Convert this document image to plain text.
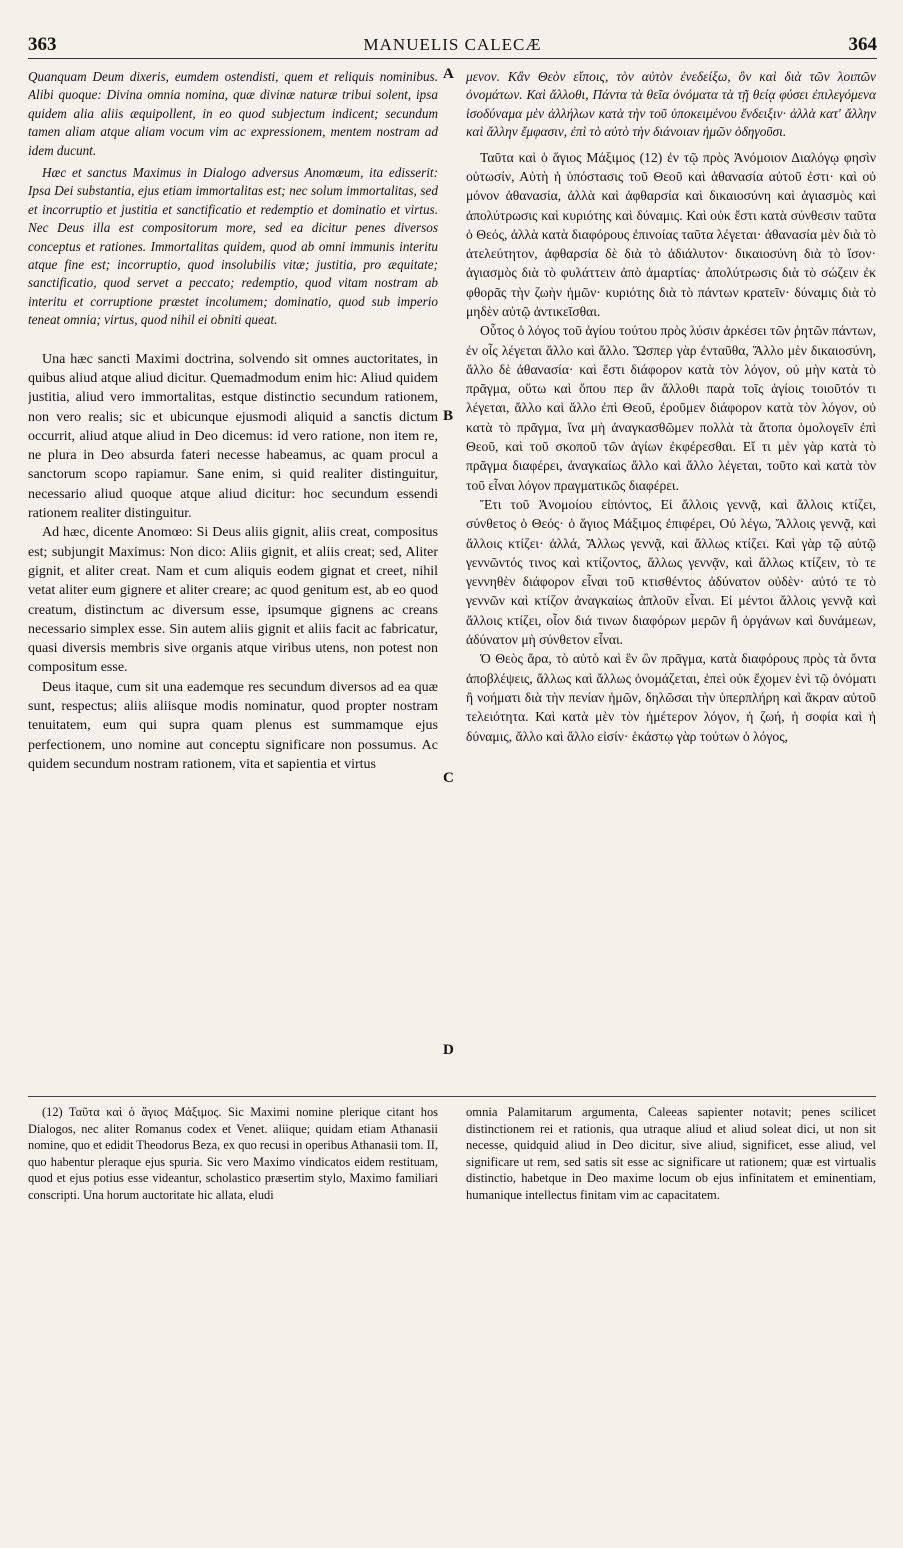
363	MANUELIS CALECÆ	364

Quanquam Deum dixeris, eumdem ostendisti, quem et reliquis nominibus. Alibi quoque: Divina omnia nomina, quæ divinæ naturæ tribui solent, ipsa quidem alia aliis æquipollent, in eo quod subjectum indicent; secundum tamen aliam atque aliam vocum vim ac expressionem, mentem nostram ad idem ducunt.

Hæc et sanctus Maximus in Dialogo adversus Anomœum, ita edisserit: Ipsa Dei substantia, ejus etiam immortalitas est; nec solum immortalitas, sed et incorruptio et justitia et sanctificatio et redemptio et dominatio et virtus. Nec Deus illa est compositorum more, sed ea dicitur penes diversos conceptus et rationes. Immortalitas quidem, quod ab omni immunis interitu atque fine est; incorruptio, quod insolubilis vitæ; justitia, pro æquitate; sanctificatio, quod servet a peccato; redemptio, quod vitam nostram ab interitu et corruptione præstet incolumem; dominatio, quod sub imperio teneat omnia; virtus, quod nihil ei obniti queat.

Una hæc sancti Maximi doctrina, solvendo sit omnes auctoritates, in quibus aliud atque aliud dicitur. Quemadmodum enim hic: Aliud quidem justitia, aliud vero immortalitas, estque distinctio secundum rationem, non vero realis; sic et ubicunque ejusmodi aliquid a sanctis dictum occurrit, aliud atque aliud in Deo dicemus: id vero ratione, non item re, ne plura in Deo absurda fateri necesse habeamus, ac quam procul a sanctorum scopo rapiamur. Sane enim, si quid realiter distinguitur, necessario aliud quoque atque aliud dicitur: hoc secundum essendi rationem realiter distinguitur.

Ad hæc, dicente Anomœo: Si Deus aliis gignit, aliis creat, compositus est; subjungit Maximus: Non dico: Aliis gignit, et aliis creat; sed, Aliter gignit, et aliter creat. Nam et cum aliquis eodem gignat et creet, nihil vetat aliter eum gignere et aliter creare; ac quod genitum est, ab eo quod creatum, distinctum ac diversum esse, ipsumque gignens ac creans necessario simplex esse. Sin autem aliis gignit et aliis facit ac fabricatur, quasi diversis membris sive organis atque viribus utens, non potest non compositum esse.

Deus itaque, cum sit una eademque res secundum diversos ad ea quæ sunt, respectus; aliis aliisque modis nominatur, quod propter nostram tenuitatem, eum qui supra quam plenus est summamque ejus perfectionem, uno nomine aut conceptu significare non possumus. Ac quidem secundum nostram rationem, vita et sapientia et virtus

μενον. Κἂν Θεὸν εἴποις, τὸν αὐτὸν ἐνεδείξω, ὃν καὶ διὰ τῶν λοιπῶν ὀνομάτων. Καὶ ἄλλοθι, Πάντα τὰ θεῖα ὀνόματα τὰ τῇ θείᾳ φύσει ἐπιλεγόμενα ἰσοδύναμα μὲν ἀλλήλων κατὰ τὴν τοῦ ὑποκειμένου ἔνδειξιν· ἀλλὰ κατ' ἄλλην καὶ ἄλλην ἔμφασιν, ἐπὶ τὸ αὐτὸ τὴν διάνοιαν ἡμῶν ὁδηγοῦσι.

Ταῦτα καὶ ὁ ἅγιος Μάξιμος (12) ἐν τῷ πρὸς Ἀνόμοιον Διαλόγῳ φησὶν οὑτωσίν, Αὐτὴ ἡ ὑπόστασις τοῦ Θεοῦ καὶ ἀθανασία αὐτοῦ ἐστι· καὶ οὐ μόνον ἀθανασία, ἀλλὰ καὶ ἀφθαρσία καὶ δικαιοσύνη καὶ ἁγιασμὸς καὶ ἀπολύτρωσις καὶ κυριότης καὶ δύναμις. Καὶ οὐκ ἔστι κατὰ σύνθεσιν ταῦτα ὁ Θεός, ἀλλὰ κατὰ διαφόρους ἐπινοίας ταῦτα λέγεται· ἀθανασία μὲν διὰ τὸ ἀτελεύτητον, ἀφθαρσία δὲ διὰ τὸ ἀδιάλυτον· δικαιοσύνη διὰ τὸ ἴσον· ἁγιασμὸς διὰ τὸ φυλάττειν ἀπὸ ἁμαρτίας· ἀπολύτρωσις διὰ τὸ σώζειν ἐκ φθορᾶς τὴν ζωὴν ἡμῶν· κυριότης διὰ τὸ πάντων κρατεῖν· δύναμις διὰ τὸ μηδὲν αὐτῷ ἀντικεῖσθαι.

Οὗτος ὁ λόγος τοῦ ἁγίου τούτου πρὸς λύσιν ἀρκέσει τῶν ῥητῶν πάντων, ἐν οἷς λέγεται ἄλλο καὶ ἄλλο. Ὥσπερ γὰρ ἐνταῦθα, Ἄλλο μὲν δικαιοσύνη, ἄλλο δὲ ἀθανασία· καὶ ἔστι διάφορον κατὰ τὸν λόγον, οὐ μὴν κατὰ τὸ πρᾶγμα, οὕτω καὶ ὅπου περ ἂν ἄλλοθι παρὰ τοῖς ἁγίοις τοιοῦτόν τι λέγεται, ἄλλο καὶ ἄλλο ἐπὶ Θεοῦ, ἐροῦμεν διάφορον κατὰ τὸν λόγον, οὐ κατὰ τὸ πρᾶγμα, ἵνα μὴ ἀναγκασθῶμεν πολλὰ τὰ ἄτοπα ὁμολογεῖν ἐπὶ Θεοῦ, καὶ τοῦ σκοποῦ τῶν ἁγίων ἐκφέρεσθαι. Εἴ τι μὲν γὰρ κατὰ τὸ πρᾶγμα διαφέρει, ἀναγκαίως ἄλλο καὶ ἄλλο λέγεται, τοῦτο καὶ κατὰ τὸν τοῦ εἶναι λόγον πραγματικῶς διαφέρει.

Ἔτι τοῦ Ἀνομοίου εἰπόντος, Εἰ ἄλλοις γεννᾷ, καὶ ἄλλοις κτίζει, σύνθετος ὁ Θεός· ὁ ἅγιος Μάξιμος ἐπιφέρει, Οὐ λέγω, Ἄλλοις γεννᾷ, καὶ ἄλλοις κτίζει· ἀλλά, Ἄλλως γεννᾷ, καὶ ἄλλως κτίζει. Καὶ γὰρ τῷ αὐτῷ γεννῶντός τινος καὶ κτίζοντος, ἄλλως γεννᾷν, καὶ ἄλλως κτίζειν, τὸ τε γεννηθὲν διάφορον εἶναι τοῦ κτισθέντος ἀδύνατον οὐδὲν· αὐτό τε τὸ γεννῶν καὶ κτίζον ἀναγκαίως ἁπλοῦν εἶναι. Εἰ μέντοι ἄλλοις γεννᾷ καὶ ἄλλοις κτίζει, οἷον διά τινων διαφόρων μερῶν ἢ ὀργάνων καὶ δυνάμεων, ἀδύνατον μὴ σύνθετον εἶναι.

Ὁ Θεὸς ἄρα, τὸ αὐτὸ καὶ ἓν ὢν πρᾶγμα, κατὰ διαφόρους πρὸς τὰ ὄντα ἀποβλέψεις, ἄλλως καὶ ἄλλως ὀνομάζεται, ἐπεὶ οὐκ ἔχομεν ἑνὶ τῷ ὀνόματι ἢ νοήματι διὰ τὴν πενίαν ἡμῶν, δηλῶσαι τὴν ὑπερπλήρη καὶ ἄκραν αὐτοῦ τελειότητα. Καὶ κατὰ μὲν τὸν ἡμέτερον λόγον, ἡ ζωή, ἡ σοφία καὶ ἡ δύναμις, ἄλλο καὶ ἄλλο εἰσίν· ἑκάστῳ γὰρ τούτων ὁ λόγος,

A
B
C
D

(12) Ταῦτα καὶ ὁ ἅγιος Μάξιμος. Sic Maximi nomine plerique citant hos Dialogos, nec aliter Romanus codex et Venet. aliique; quidam etiam Athanasii nomine, quo et edidit Theodorus Beza, ex quo recusi in operibus Athanasii tom. II, quo habentur pleraque ejus spuria. Sic vero Maximo vindicatos eidem restituam, quod et ejus potius esse videantur, scholastico præsertim stylo, Maximo familiari conscripti. Una horum auctoritate hic allata, eludi

omnia Palamitarum argumenta, Caleeas sapienter notavit; penes scilicet distinctionem rei et rationis, qua utraque aliud et aliud soleat dici, ut non sit necesse, quidquid aliud in Deo dicitur, sive aliud, significet, esse aliud, vel significare ut rem, sed satis sit esse ac significare ut rationem; quæ est virtualis distinctio, habetque in Deo maxime locum ob ejus infinitatem et eminentiam, humanique intellectus finitam vim ac capacitatem.
